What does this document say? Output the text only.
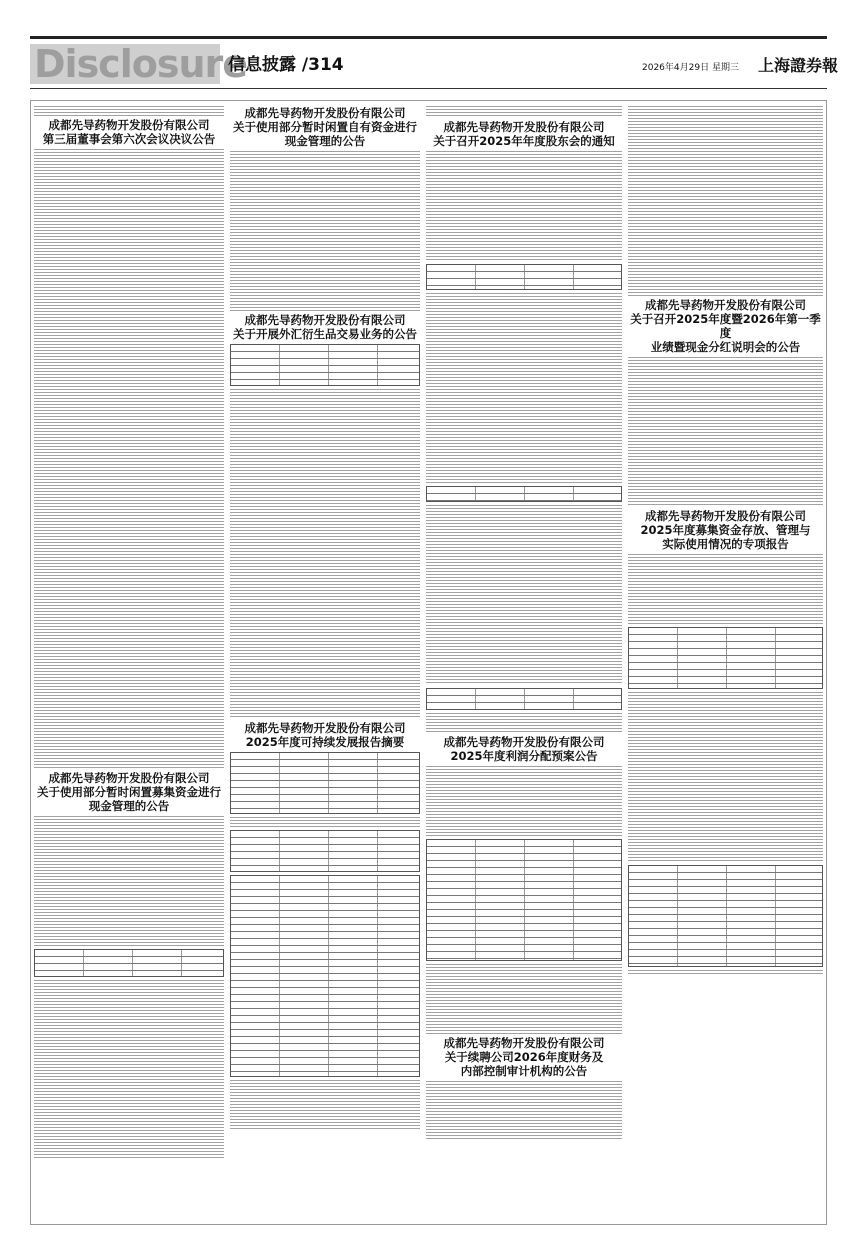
Disclosure
信息披露 /314	2026年4月29日 星期三 上海證券報
成都先导药物开发股份有限公司
第三届董事会第六次会议决议公告
成都先导药物开发股份有限公司
关于使用部分暂时闲置募集资金进行
现金管理的公告
成都先导药物开发股份有限公司
关于使用部分暂时闲置自有资金进行
现金管理的公告
成都先导药物开发股份有限公司
关于开展外汇衍生品交易业务的公告
成都先导药物开发股份有限公司
2025年度可持续发展报告摘要
成都先导药物开发股份有限公司
关于召开2025年年度股东会的通知
成都先导药物开发股份有限公司
2025年度利润分配预案公告
成都先导药物开发股份有限公司
关于续聘公司2026年度财务及
内部控制审计机构的公告
成都先导药物开发股份有限公司
关于召开2025年度暨2026年第一季度
业绩暨现金分红说明会的公告
成都先导药物开发股份有限公司
2025年度募集资金存放、管理与
实际使用情况的专项报告
